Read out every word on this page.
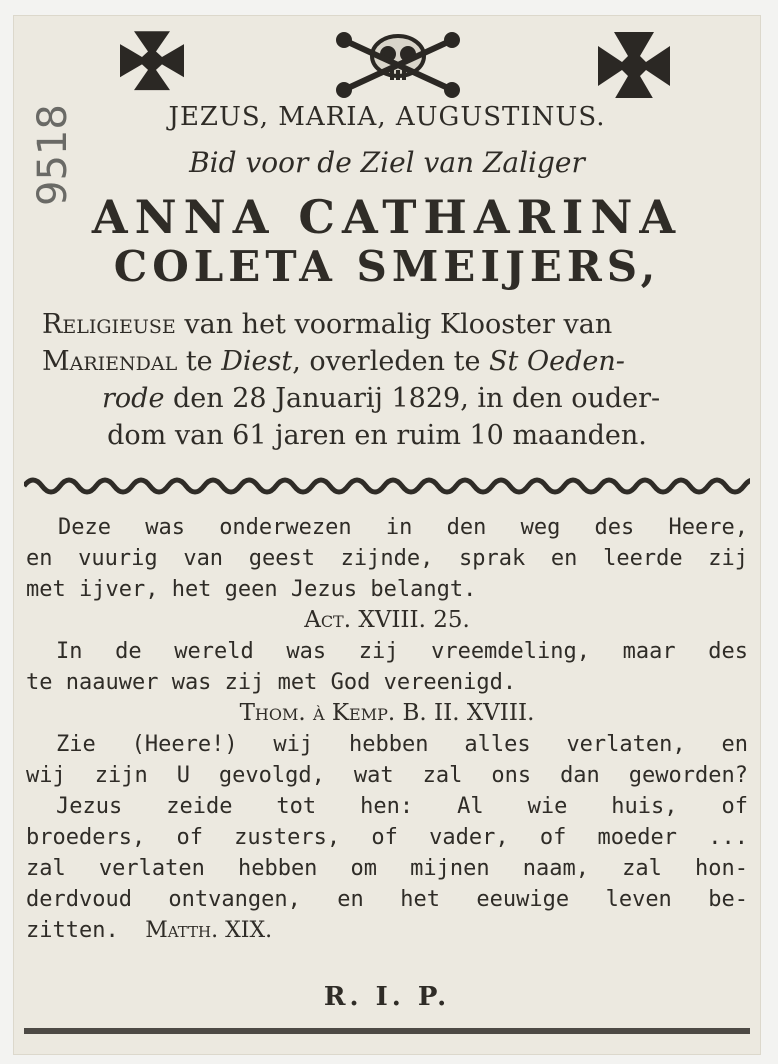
9518	JEZUS, MARIA, AUGUSTINUS.
Bid voor de Ziel van Zaliger
ANNA CATHARINA
COLETA SMEIJERS,
Religieuse van het voormalig Klooster van
Mariendal te Diest, overleden te St Oeden-
rode den 28 Januarij 1829, in den ouder-
dom van 61 jaren en ruim 10 maanden.
Deze was onderwezen in den weg des Heere,
en vuurig van geest zijnde, sprak en leerde zij
met ijver, het geen Jezus belangt.
Act. XVIII. 25.
In de wereld was zij vreemdeling, maar des
te naauwer was zij met God vereenigd.
Thom. à Kemp. B. II. XVIII.
Zie (Heere!) wij hebben alles verlaten, en
wij zijn U gevolgd, wat zal ons dan geworden?
Jezus zeide tot hen: Al wie huis, of
broeders, of zusters, of vader, of moeder ...
zal verlaten hebben om mijnen naam, zal hon-
derdvoud ontvangen, en het eeuwige leven be-
zitten. Matth. XIX.
R. I. P.
